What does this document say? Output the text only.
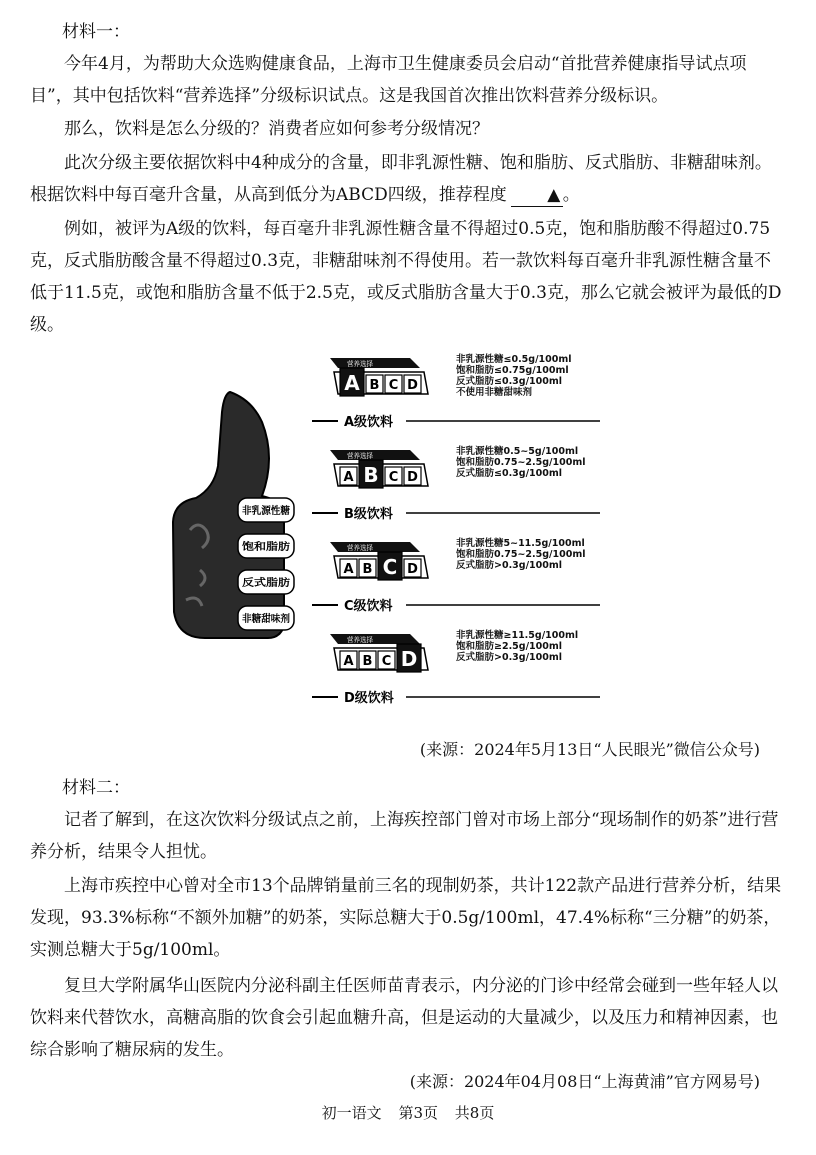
材料一：

今年4月，为帮助大众选购健康食品，上海市卫生健康委员会启动“首批营养健康指导试点项目”，其中包括饮料“营养选择”分级标识试点。这是我国首次推出饮料营养分级标识。

那么，饮料是怎么分级的？消费者应如何参考分级情况？

此次分级主要依据饮料中4种成分的含量，即非乳源性糖、饱和脂肪、反式脂肪、非糖甜味剂。根据饮料中每百毫升含量，从高到低分为ABCD四级，推荐程度 ▲ 。

例如，被评为A级的饮料，每百毫升非乳源性糖含量不得超过0.5克，饱和脂肪酸不得超过0.75克，反式脂肪酸含量不得超过0.3克，非糖甜味剂不得使用。若一款饮料每百毫升非乳源性糖含量不低于11.5克，或饱和脂肪含量不低于2.5克，或反式脂肪含量大于0.3克，那么它就会被评为最低的D级。

非乳源性糖
饱和脂肪
反式脂肪
非糖甜味剂
营养选择
A B C D
非乳源性糖≤0.5g/100ml
饱和脂肪≤0.75g/100ml
反式脂肪≤0.3g/100ml
不使用非糖甜味剂
A级饮料
营养选择
A B C D
非乳源性糖0.5~5g/100ml
饱和脂肪0.75~2.5g/100ml
反式脂肪≤0.3g/100ml
B级饮料
营养选择
A B C D
非乳源性糖5~11.5g/100ml
饱和脂肪0.75~2.5g/100ml
反式脂肪>0.3g/100ml
C级饮料
营养选择
A B C D
非乳源性糖≥11.5g/100ml
饱和脂肪≥2.5g/100ml
反式脂肪>0.3g/100ml
D级饮料
(来源：2024年5月13日“人民眼光”微信公众号)
材料二：

记者了解到，在这次饮料分级试点之前，上海疾控部门曾对市场上部分“现场制作的奶茶”进行营养分析，结果令人担忧。

上海市疾控中心曾对全市13个品牌销量前三名的现制奶茶，共计122款产品进行营养分析，结果发现，93.3%标称“不额外加糖”的奶茶，实际总糖大于0.5g/100ml，47.4%标称“三分糖”的奶茶，实测总糖大于5g/100ml。

复旦大学附属华山医院内分泌科副主任医师苗青表示，内分泌的门诊中经常会碰到一些年轻人以饮料来代替饮水，高糖高脂的饮食会引起血糖升高，但是运动的大量减少，以及压力和精神因素，也综合影响了糖尿病的发生。

(来源：2024年04月08日“上海黄浦”官方网易号)
初一语文 第3页 共8页
